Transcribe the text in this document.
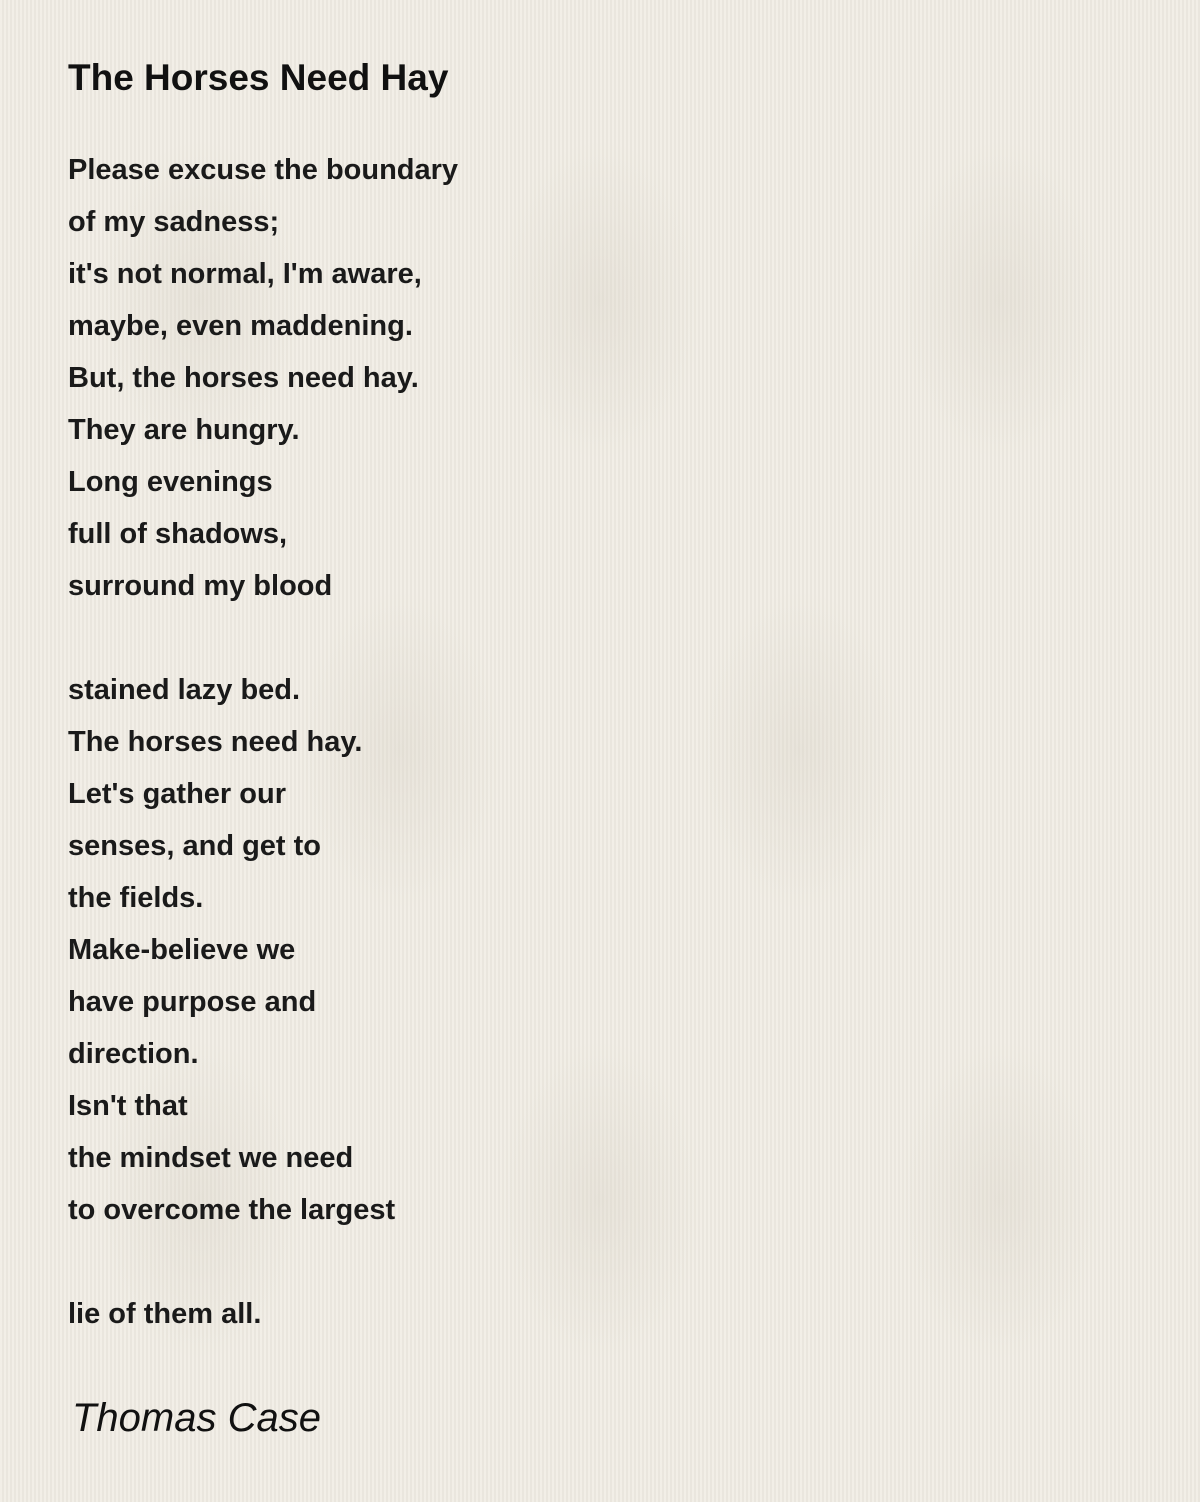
The Horses Need Hay
Please excuse the boundary
of my sadness;
it's not normal, I'm aware,
maybe, even maddening.
But, the horses need hay.
They are hungry.
Long evenings
full of shadows,
surround my blood
stained lazy bed.
The horses need hay.
Let's gather our
senses, and get to
the fields.
Make-believe we
have purpose and
direction.
Isn't that
the mindset we need
to overcome the largest
lie of them all.
Thomas Case
